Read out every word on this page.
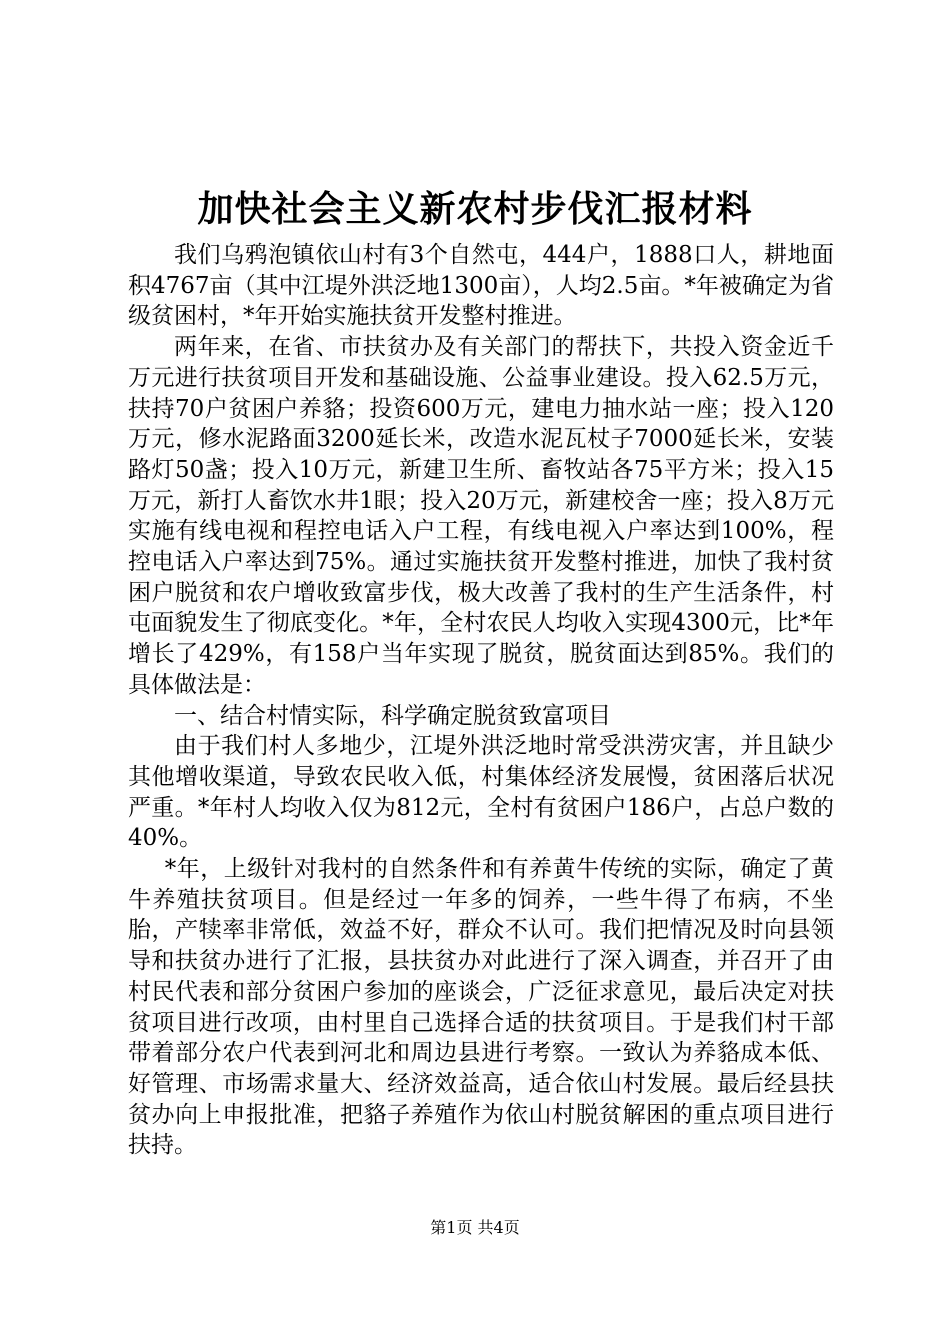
加快社会主义新农村步伐汇报材料

我们乌鸦泡镇依山村有3个自然屯，444户，1888口人，耕地面积4767亩（其中江堤外洪泛地1300亩），人均2.5亩。*年被确定为省级贫困村，*年开始实施扶贫开发整村推进。

两年来，在省、市扶贫办及有关部门的帮扶下，共投入资金近千万元进行扶贫项目开发和基础设施、公益事业建设。投入62.5万元，扶持70户贫困户养貉；投资600万元，建电力抽水站一座；投入120万元，修水泥路面3200延长米，改造水泥瓦杖子7000延长米，安装路灯50盏；投入10万元，新建卫生所、畜牧站各75平方米；投入15万元，新打人畜饮水井1眼；投入20万元，新建校舍一座；投入8万元实施有线电视和程控电话入户工程，有线电视入户率达到100%，程控电话入户率达到75%。通过实施扶贫开发整村推进，加快了我村贫困户脱贫和农户增收致富步伐，极大改善了我村的生产生活条件，村屯面貌发生了彻底变化。*年，全村农民人均收入实现4300元，比*年增长了429%，有158户当年实现了脱贫，脱贫面达到85%。我们的具体做法是：

一、结合村情实际，科学确定脱贫致富项目

由于我们村人多地少，江堤外洪泛地时常受洪涝灾害，并且缺少其他增收渠道，导致农民收入低，村集体经济发展慢，贫困落后状况严重。*年村人均收入仅为812元，全村有贫困户186户，占总户数的40%。

*年，上级针对我村的自然条件和有养黄牛传统的实际，确定了黄牛养殖扶贫项目。但是经过一年多的饲养，一些牛得了布病，不坐胎，产犊率非常低，效益不好，群众不认可。我们把情况及时向县领导和扶贫办进行了汇报，县扶贫办对此进行了深入调查，并召开了由村民代表和部分贫困户参加的座谈会，广泛征求意见，最后决定对扶贫项目进行改项，由村里自己选择合适的扶贫项目。于是我们村干部带着部分农户代表到河北和周边县进行考察。一致认为养貉成本低、好管理、市场需求量大、经济效益高，适合依山村发展。最后经县扶贫办向上申报批准，把貉子养殖作为依山村脱贫解困的重点项目进行扶持。

第1页 共4页
